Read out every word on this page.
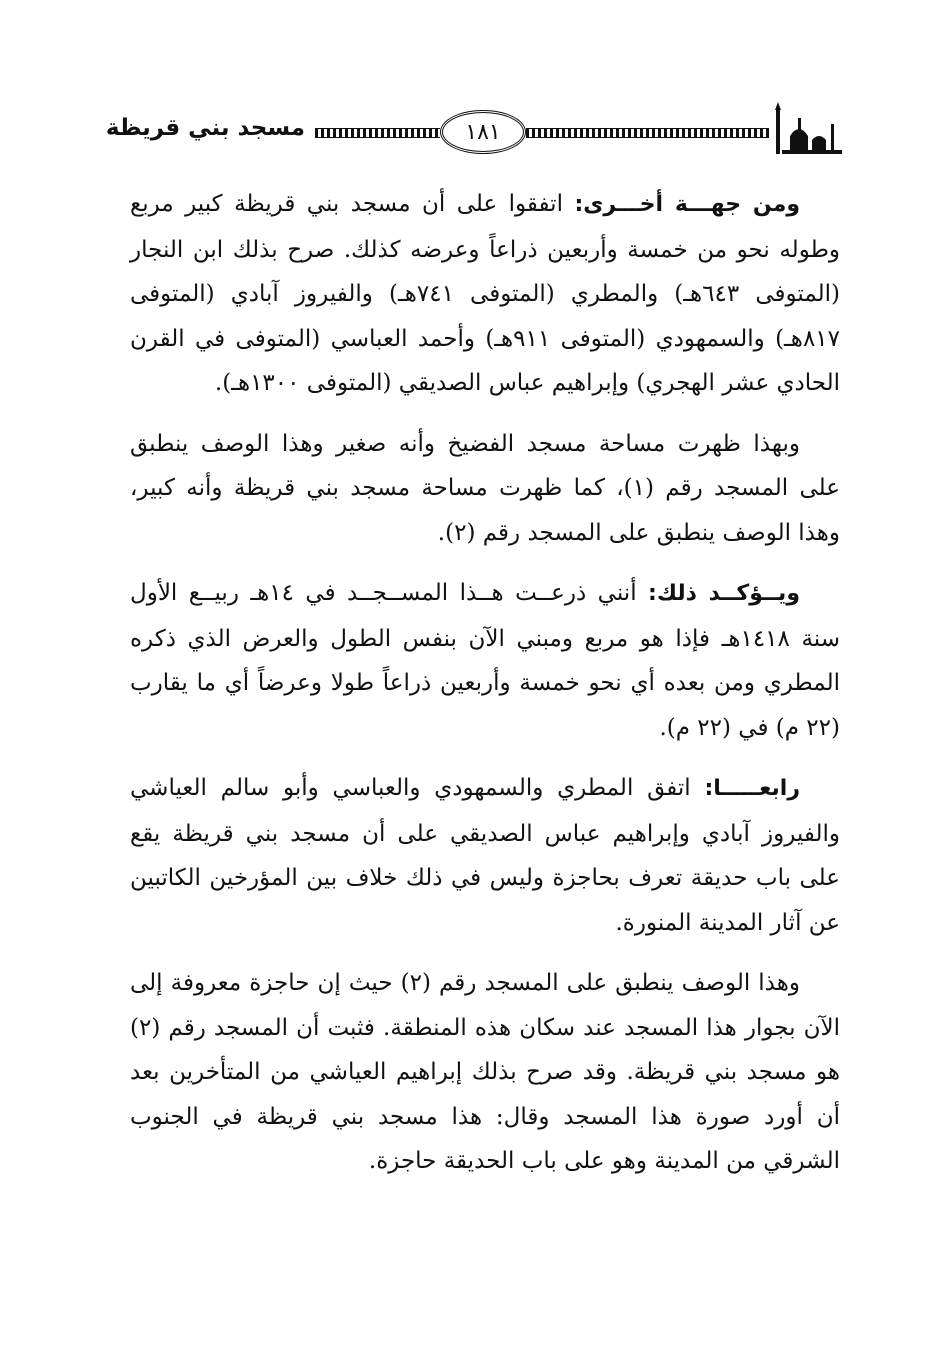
مسجد بني قريظة	١٨١

ومن جهـــة أخـــرى: اتفقوا على أن مسجد بني قريظة كبير مربع وطوله نحو من خمسة وأربعين ذراعاً وعرضه كذلك. صرح بذلك ابن النجار (المتوفى ٦٤٣هـ) والمطري (المتوفى ٧٤١هـ) والفيروز آبادي (المتوفى ٨١٧هـ) والسمهودي (المتوفى ٩١١هـ) وأحمد العباسي (المتوفى في القرن الحادي عشر الهجري) وإبراهيم عباس الصديقي (المتوفى ١٣٠٠هـ).

وبهذا ظهرت مساحة مسجد الفضيخ وأنه صغير وهذا الوصف ينطبق على المسجد رقم (١)، كما ظهرت مساحة مسجد بني قريظة وأنه كبير، وهذا الوصف ينطبق على المسجد رقم (٢).

ويــؤكــد ذلك: أنني ذرعــت هــذا المســجــد في ١٤هـ ربيــع الأول سنة ١٤١٨هـ فإذا هو مربع ومبني الآن بنفس الطول والعرض الذي ذكره المطري ومن بعده أي نحو خمسة وأربعين ذراعاً طولا وعرضاً أي ما يقارب (٢٢ م) في (٢٢ م).

رابعـــــا: اتفق المطري والسمهودي والعباسي وأبو سالم العياشي والفيروز آبادي وإبراهيم عباس الصديقي على أن مسجد بني قريظة يقع على باب حديقة تعرف بحاجزة وليس في ذلك خلاف بين المؤرخين الكاتبين عن آثار المدينة المنورة.

وهذا الوصف ينطبق على المسجد رقم (٢) حيث إن حاجزة معروفة إلى الآن بجوار هذا المسجد عند سكان هذه المنطقة. فثبت أن المسجد رقم (٢) هو مسجد بني قريظة. وقد صرح بذلك إبراهيم العياشي من المتأخرين بعد أن أورد صورة هذا المسجد وقال: هذا مسجد بني قريظة في الجنوب الشرقي من المدينة وهو على باب الحديقة حاجزة.
